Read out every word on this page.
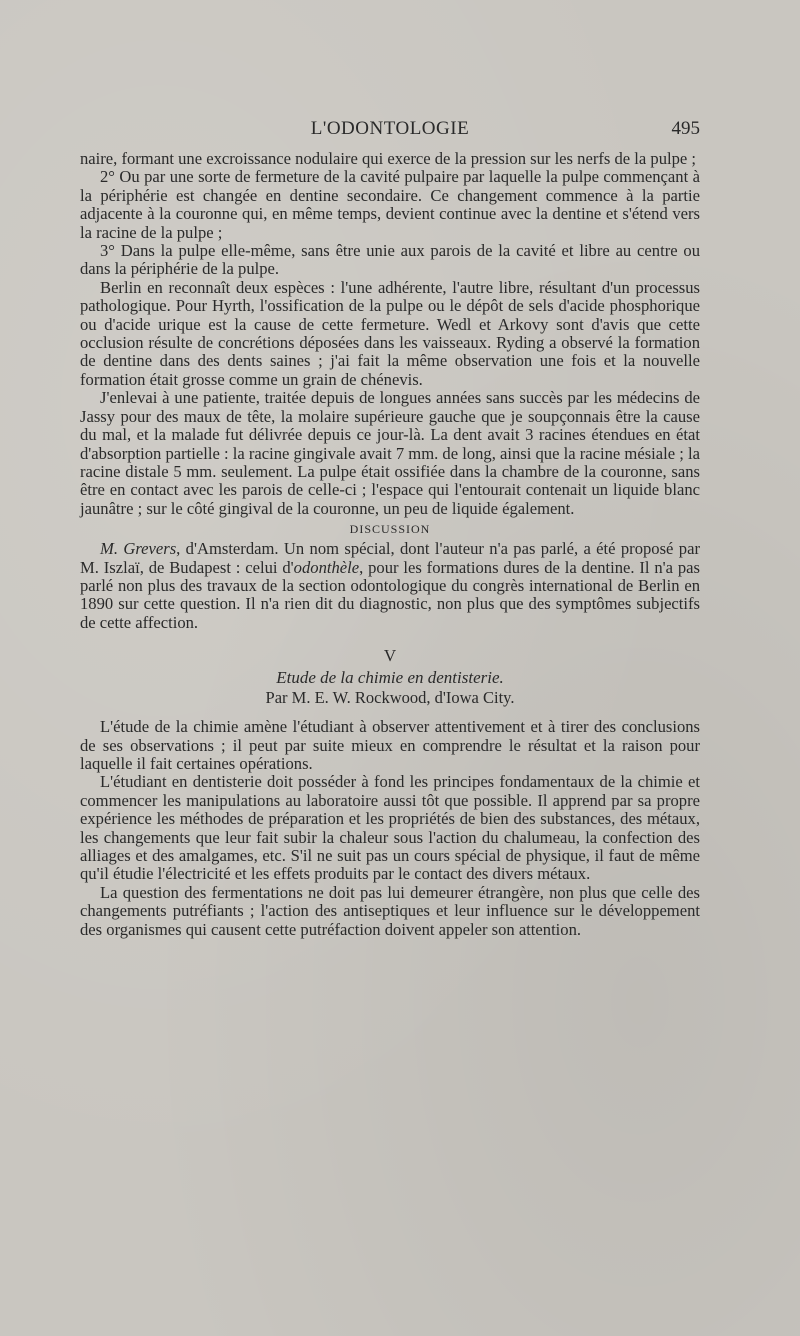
L'ODONTOLOGIE	495

naire, formant une excroissance nodulaire qui exerce de la pression sur les nerfs de la pulpe ;

2° Ou par une sorte de fermeture de la cavité pulpaire par laquelle la pulpe commençant à la périphérie est changée en dentine secondaire. Ce changement commence à la partie adjacente à la couronne qui, en même temps, devient continue avec la dentine et s'étend vers la racine de la pulpe ;

3° Dans la pulpe elle-même, sans être unie aux parois de la cavité et libre au centre ou dans la périphérie de la pulpe.

Berlin en reconnaît deux espèces : l'une adhérente, l'autre libre, résultant d'un processus pathologique. Pour Hyrth, l'ossification de la pulpe ou le dépôt de sels d'acide phosphorique ou d'acide urique est la cause de cette fermeture. Wedl et Arkovy sont d'avis que cette occlusion résulte de concrétions déposées dans les vaisseaux. Ryding a observé la formation de dentine dans des dents saines ; j'ai fait la même observation une fois et la nouvelle formation était grosse comme un grain de chénevis.

J'enlevai à une patiente, traitée depuis de longues années sans succès par les médecins de Jassy pour des maux de tête, la molaire supérieure gauche que je soupçonnais être la cause du mal, et la malade fut délivrée depuis ce jour-là. La dent avait 3 racines étendues en état d'absorption partielle : la racine gingivale avait 7 mm. de long, ainsi que la racine mésiale ; la racine distale 5 mm. seulement. La pulpe était ossifiée dans la chambre de la couronne, sans être en contact avec les parois de celle-ci ; l'espace qui l'entourait contenait un liquide blanc jaunâtre ; sur le côté gingival de la couronne, un peu de liquide également.

DISCUSSION

M. Grevers, d'Amsterdam. Un nom spécial, dont l'auteur n'a pas parlé, a été proposé par M. Iszlaï, de Budapest : celui d'odonthèle, pour les formations dures de la dentine. Il n'a pas parlé non plus des travaux de la section odontologique du congrès international de Berlin en 1890 sur cette question. Il n'a rien dit du diagnostic, non plus que des symptômes subjectifs de cette affection.

V
Etude de la chimie en dentisterie.
Par M. E. W. Rockwood, d'Iowa City.

L'étude de la chimie amène l'étudiant à observer attentivement et à tirer des conclusions de ses observations ; il peut par suite mieux en comprendre le résultat et la raison pour laquelle il fait certaines opérations.

L'étudiant en dentisterie doit posséder à fond les principes fondamentaux de la chimie et commencer les manipulations au laboratoire aussi tôt que possible. Il apprend par sa propre expérience les méthodes de préparation et les propriétés de bien des substances, des métaux, les changements que leur fait subir la chaleur sous l'action du chalumeau, la confection des alliages et des amalgames, etc. S'il ne suit pas un cours spécial de physique, il faut de même qu'il étudie l'électricité et les effets produits par le contact des divers métaux.

La question des fermentations ne doit pas lui demeurer étrangère, non plus que celle des changements putréfiants ; l'action des antiseptiques et leur influence sur le développement des organismes qui causent cette putréfaction doivent appeler son attention.
